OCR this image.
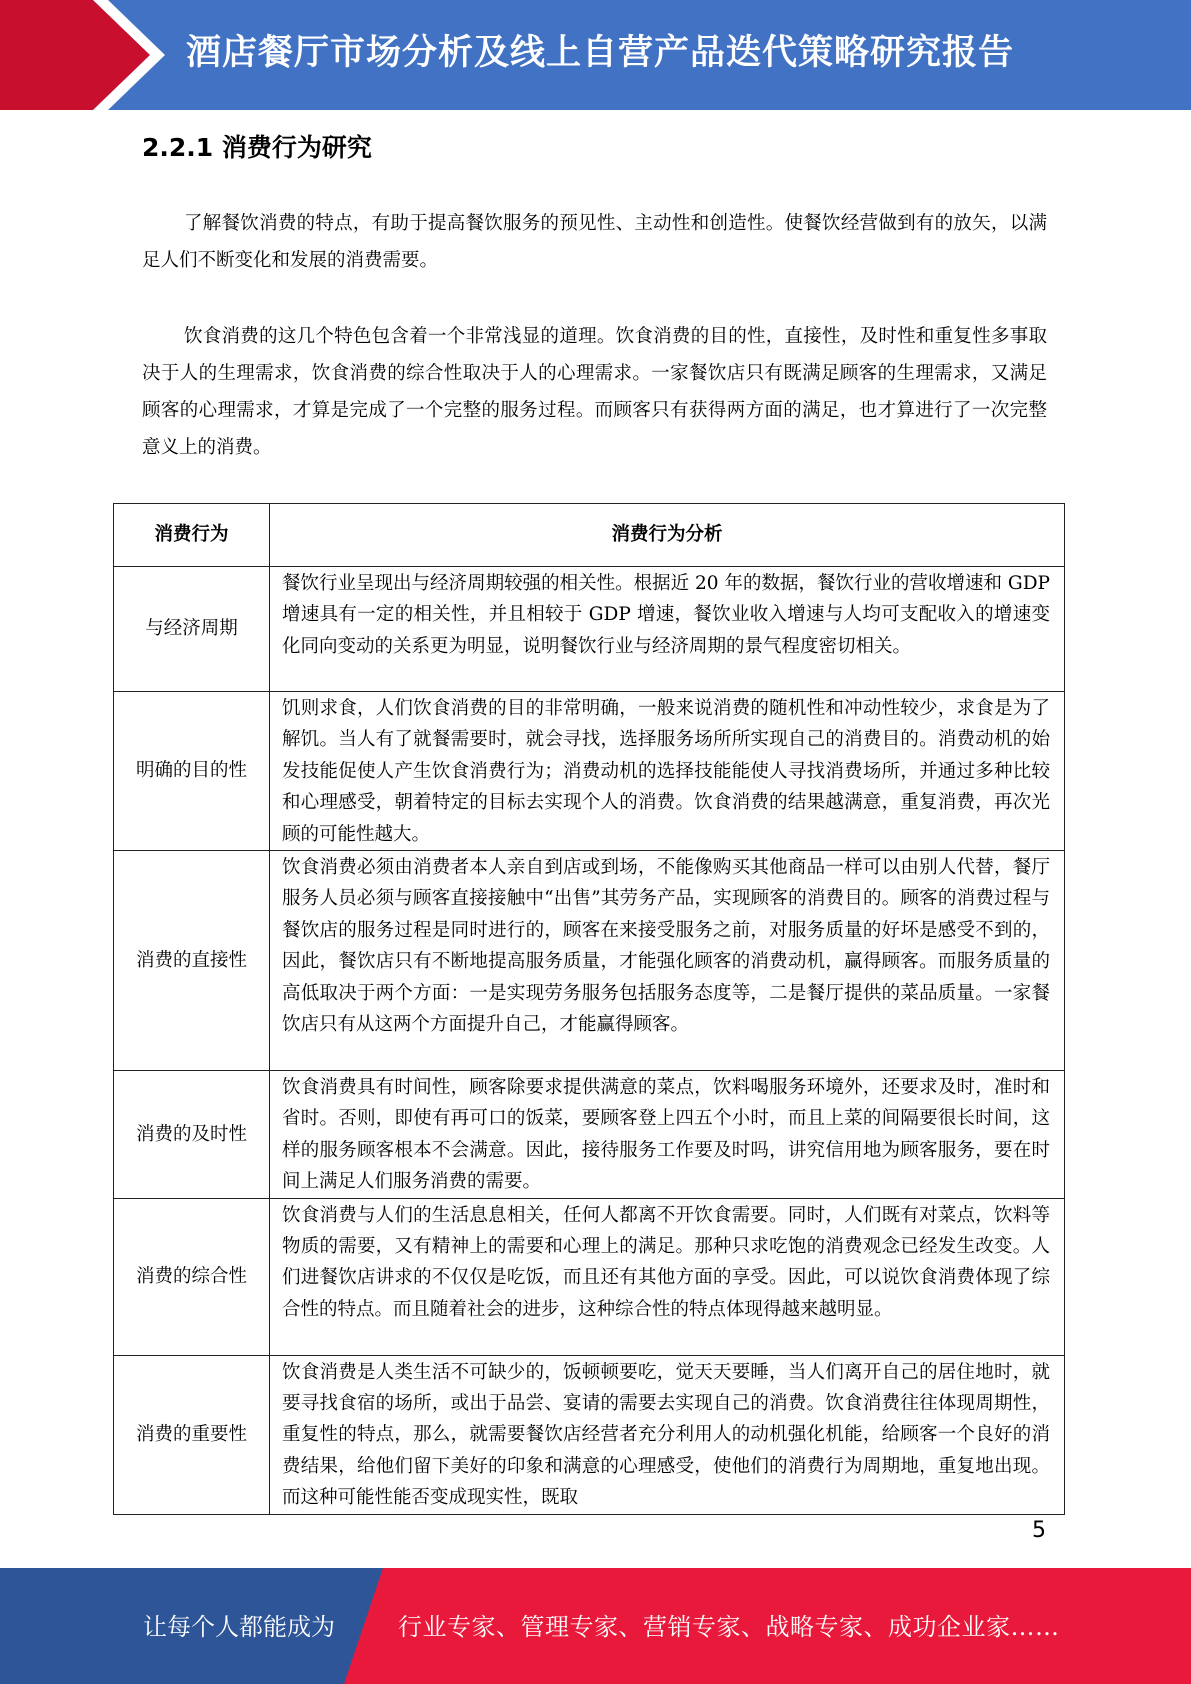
酒店餐厅市场分析及线上自营产品迭代策略研究报告
2.2.1 消费行为研究

了解餐饮消费的特点，有助于提高餐饮服务的预见性、主动性和创造性。使餐饮经营做到有的放矢，以满足人们不断变化和发展的消费需要。

饮食消费的这几个特色包含着一个非常浅显的道理。饮食消费的目的性，直接性，及时性和重复性多事取决于人的生理需求，饮食消费的综合性取决于人的心理需求。一家餐饮店只有既满足顾客的生理需求，又满足顾客的心理需求，才算是完成了一个完整的服务过程。而顾客只有获得两方面的满足，也才算进行了一次完整意义上的消费。

消费行为	消费行为分析
与经济周期	餐饮行业呈现出与经济周期较强的相关性。根据近 20 年的数据，餐饮行业的营收增速和 GDP 增速具有一定的相关性，并且相较于 GDP 增速，餐饮业收入增速与人均可支配收入的增速变化同向变动的关系更为明显，说明餐饮行业与经济周期的景气程度密切相关。
明确的目的性	饥则求食，人们饮食消费的目的非常明确，一般来说消费的随机性和冲动性较少，求食是为了解饥。当人有了就餐需要时，就会寻找，选择服务场所所实现自己的消费目的。消费动机的始发技能促使人产生饮食消费行为；消费动机的选择技能能使人寻找消费场所，并通过多种比较和心理感受，朝着特定的目标去实现个人的消费。饮食消费的结果越满意，重复消费，再次光顾的可能性越大。
消费的直接性	饮食消费必须由消费者本人亲自到店或到场，不能像购买其他商品一样可以由别人代替，餐厅服务人员必须与顾客直接接触中“出售”其劳务产品，实现顾客的消费目的。顾客的消费过程与餐饮店的服务过程是同时进行的，顾客在来接受服务之前，对服务质量的好坏是感受不到的，因此，餐饮店只有不断地提高服务质量，才能强化顾客的消费动机，赢得顾客。而服务质量的高低取决于两个方面：一是实现劳务服务包括服务态度等，二是餐厅提供的菜品质量。一家餐饮店只有从这两个方面提升自己，才能赢得顾客。
消费的及时性	饮食消费具有时间性，顾客除要求提供满意的菜点，饮料喝服务环境外，还要求及时，准时和省时。否则，即使有再可口的饭菜，要顾客登上四五个小时，而且上菜的间隔要很长时间，这样的服务顾客根本不会满意。因此，接待服务工作要及时吗，讲究信用地为顾客服务，要在时间上满足人们服务消费的需要。
消费的综合性	饮食消费与人们的生活息息相关，任何人都离不开饮食需要。同时，人们既有对菜点，饮料等物质的需要，又有精神上的需要和心理上的满足。那种只求吃饱的消费观念已经发生改变。人们进餐饮店讲求的不仅仅是吃饭，而且还有其他方面的享受。因此，可以说饮食消费体现了综合性的特点。而且随着社会的进步，这种综合性的特点体现得越来越明显。
消费的重要性	饮食消费是人类生活不可缺少的，饭顿顿要吃，觉天天要睡，当人们离开自己的居住地时，就要寻找食宿的场所，或出于品尝、宴请的需要去实现自己的消费。饮食消费往往体现周期性，重复性的特点，那么，就需要餐饮店经营者充分利用人的动机强化机能，给顾客一个良好的消费结果，给他们留下美好的印象和满意的心理感受，使他们的消费行为周期地，重复地出现。而这种可能性能否变成现实性，既取
5
让每个人都能成为	行业专家、管理专家、营销专家、战略专家、成功企业家……
